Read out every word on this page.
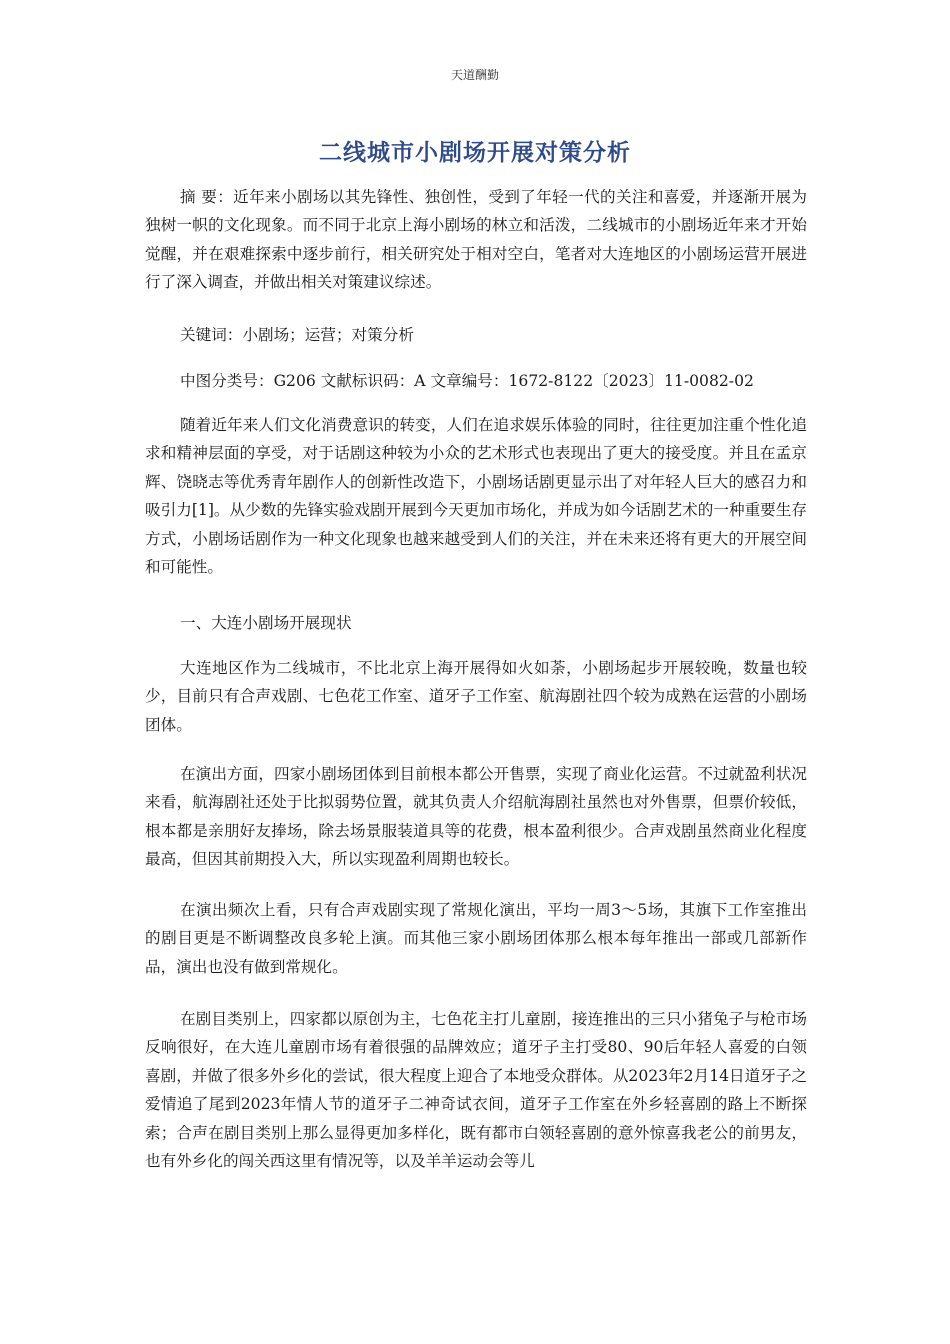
天道酬勤
二线城市小剧场开展对策分析
摘 要：近年来小剧场以其先锋性、独创性，受到了年轻一代的关注和喜爱，并逐渐开展为独树一帜的文化现象。而不同于北京上海小剧场的林立和活泼，二线城市的小剧场近年来才开始觉醒，并在艰难探索中逐步前行，相关研究处于相对空白，笔者对大连地区的小剧场运营开展进行了深入调查，并做出相关对策建议综述。
关键词：小剧场；运营；对策分析
中图分类号：G206 文献标识码：A 文章编号：1672-8122〔2023〕11-0082-02
随着近年来人们文化消费意识的转变，人们在追求娱乐体验的同时，往往更加注重个性化追求和精神层面的享受，对于话剧这种较为小众的艺术形式也表现出了更大的接受度。并且在孟京辉、饶晓志等优秀青年剧作人的创新性改造下，小剧场话剧更显示出了对年轻人巨大的感召力和吸引力[1]。从少数的先锋实验戏剧开展到今天更加市场化，并成为如今话剧艺术的一种重要生存方式，小剧场话剧作为一种文化现象也越来越受到人们的关注，并在未来还将有更大的开展空间和可能性。
一、大连小剧场开展现状
大连地区作为二线城市，不比北京上海开展得如火如荼，小剧场起步开展较晚，数量也较少，目前只有合声戏剧、七色花工作室、道牙子工作室、航海剧社四个较为成熟在运营的小剧场团体。
在演出方面，四家小剧场团体到目前根本都公开售票，实现了商业化运营。不过就盈利状况来看，航海剧社还处于比拟弱势位置，就其负责人介绍航海剧社虽然也对外售票，但票价较低，根本都是亲朋好友捧场，除去场景服装道具等的花费，根本盈利很少。合声戏剧虽然商业化程度最高，但因其前期投入大，所以实现盈利周期也较长。
在演出频次上看，只有合声戏剧实现了常规化演出，平均一周3～5场，其旗下工作室推出的剧目更是不断调整改良多轮上演。而其他三家小剧场团体那么根本每年推出一部或几部新作品，演出也没有做到常规化。
在剧目类别上，四家都以原创为主，七色花主打儿童剧，接连推出的三只小猪兔子与枪市场反响很好，在大连儿童剧市场有着很强的品牌效应；道牙子主打受80、90后年轻人喜爱的白领喜剧，并做了很多外乡化的尝试，很大程度上迎合了本地受众群体。从2023年2月14日道牙子之爱情追了尾到2023年情人节的道牙子二神奇试衣间，道牙子工作室在外乡轻喜剧的路上不断探索；合声在剧目类别上那么显得更加多样化，既有都市白领轻喜剧的意外惊喜我老公的前男友，也有外乡化的闯关西这里有情况等，以及羊羊运动会等儿
